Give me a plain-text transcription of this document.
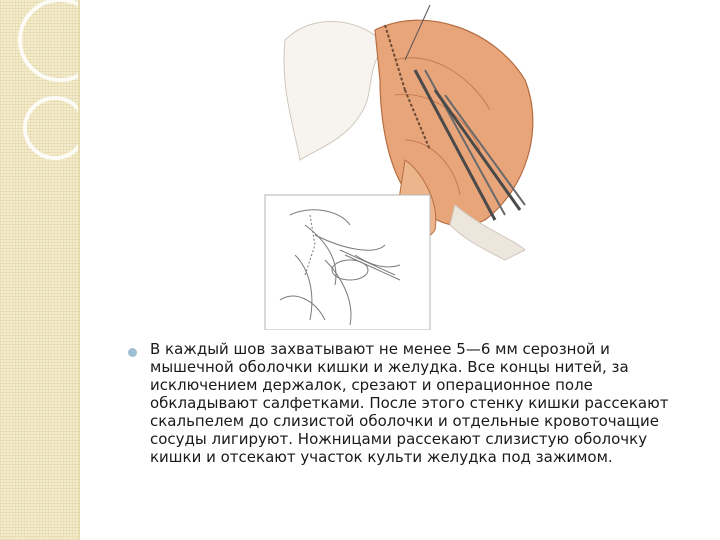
В каждый шов захватывают не менее 5—6 мм серозной и мышечной оболочки кишки и желудка. Все концы нитей, за исключением держалок, срезают и операционное поле обкладывают салфетками. После этого стенку кишки рассекают скальпелем до слизистой оболочки и отдельные кровоточащие сосуды лигируют. Ножницами рассекают слизистую оболочку кишки и отсекают участок культи желудка под зажимом.
